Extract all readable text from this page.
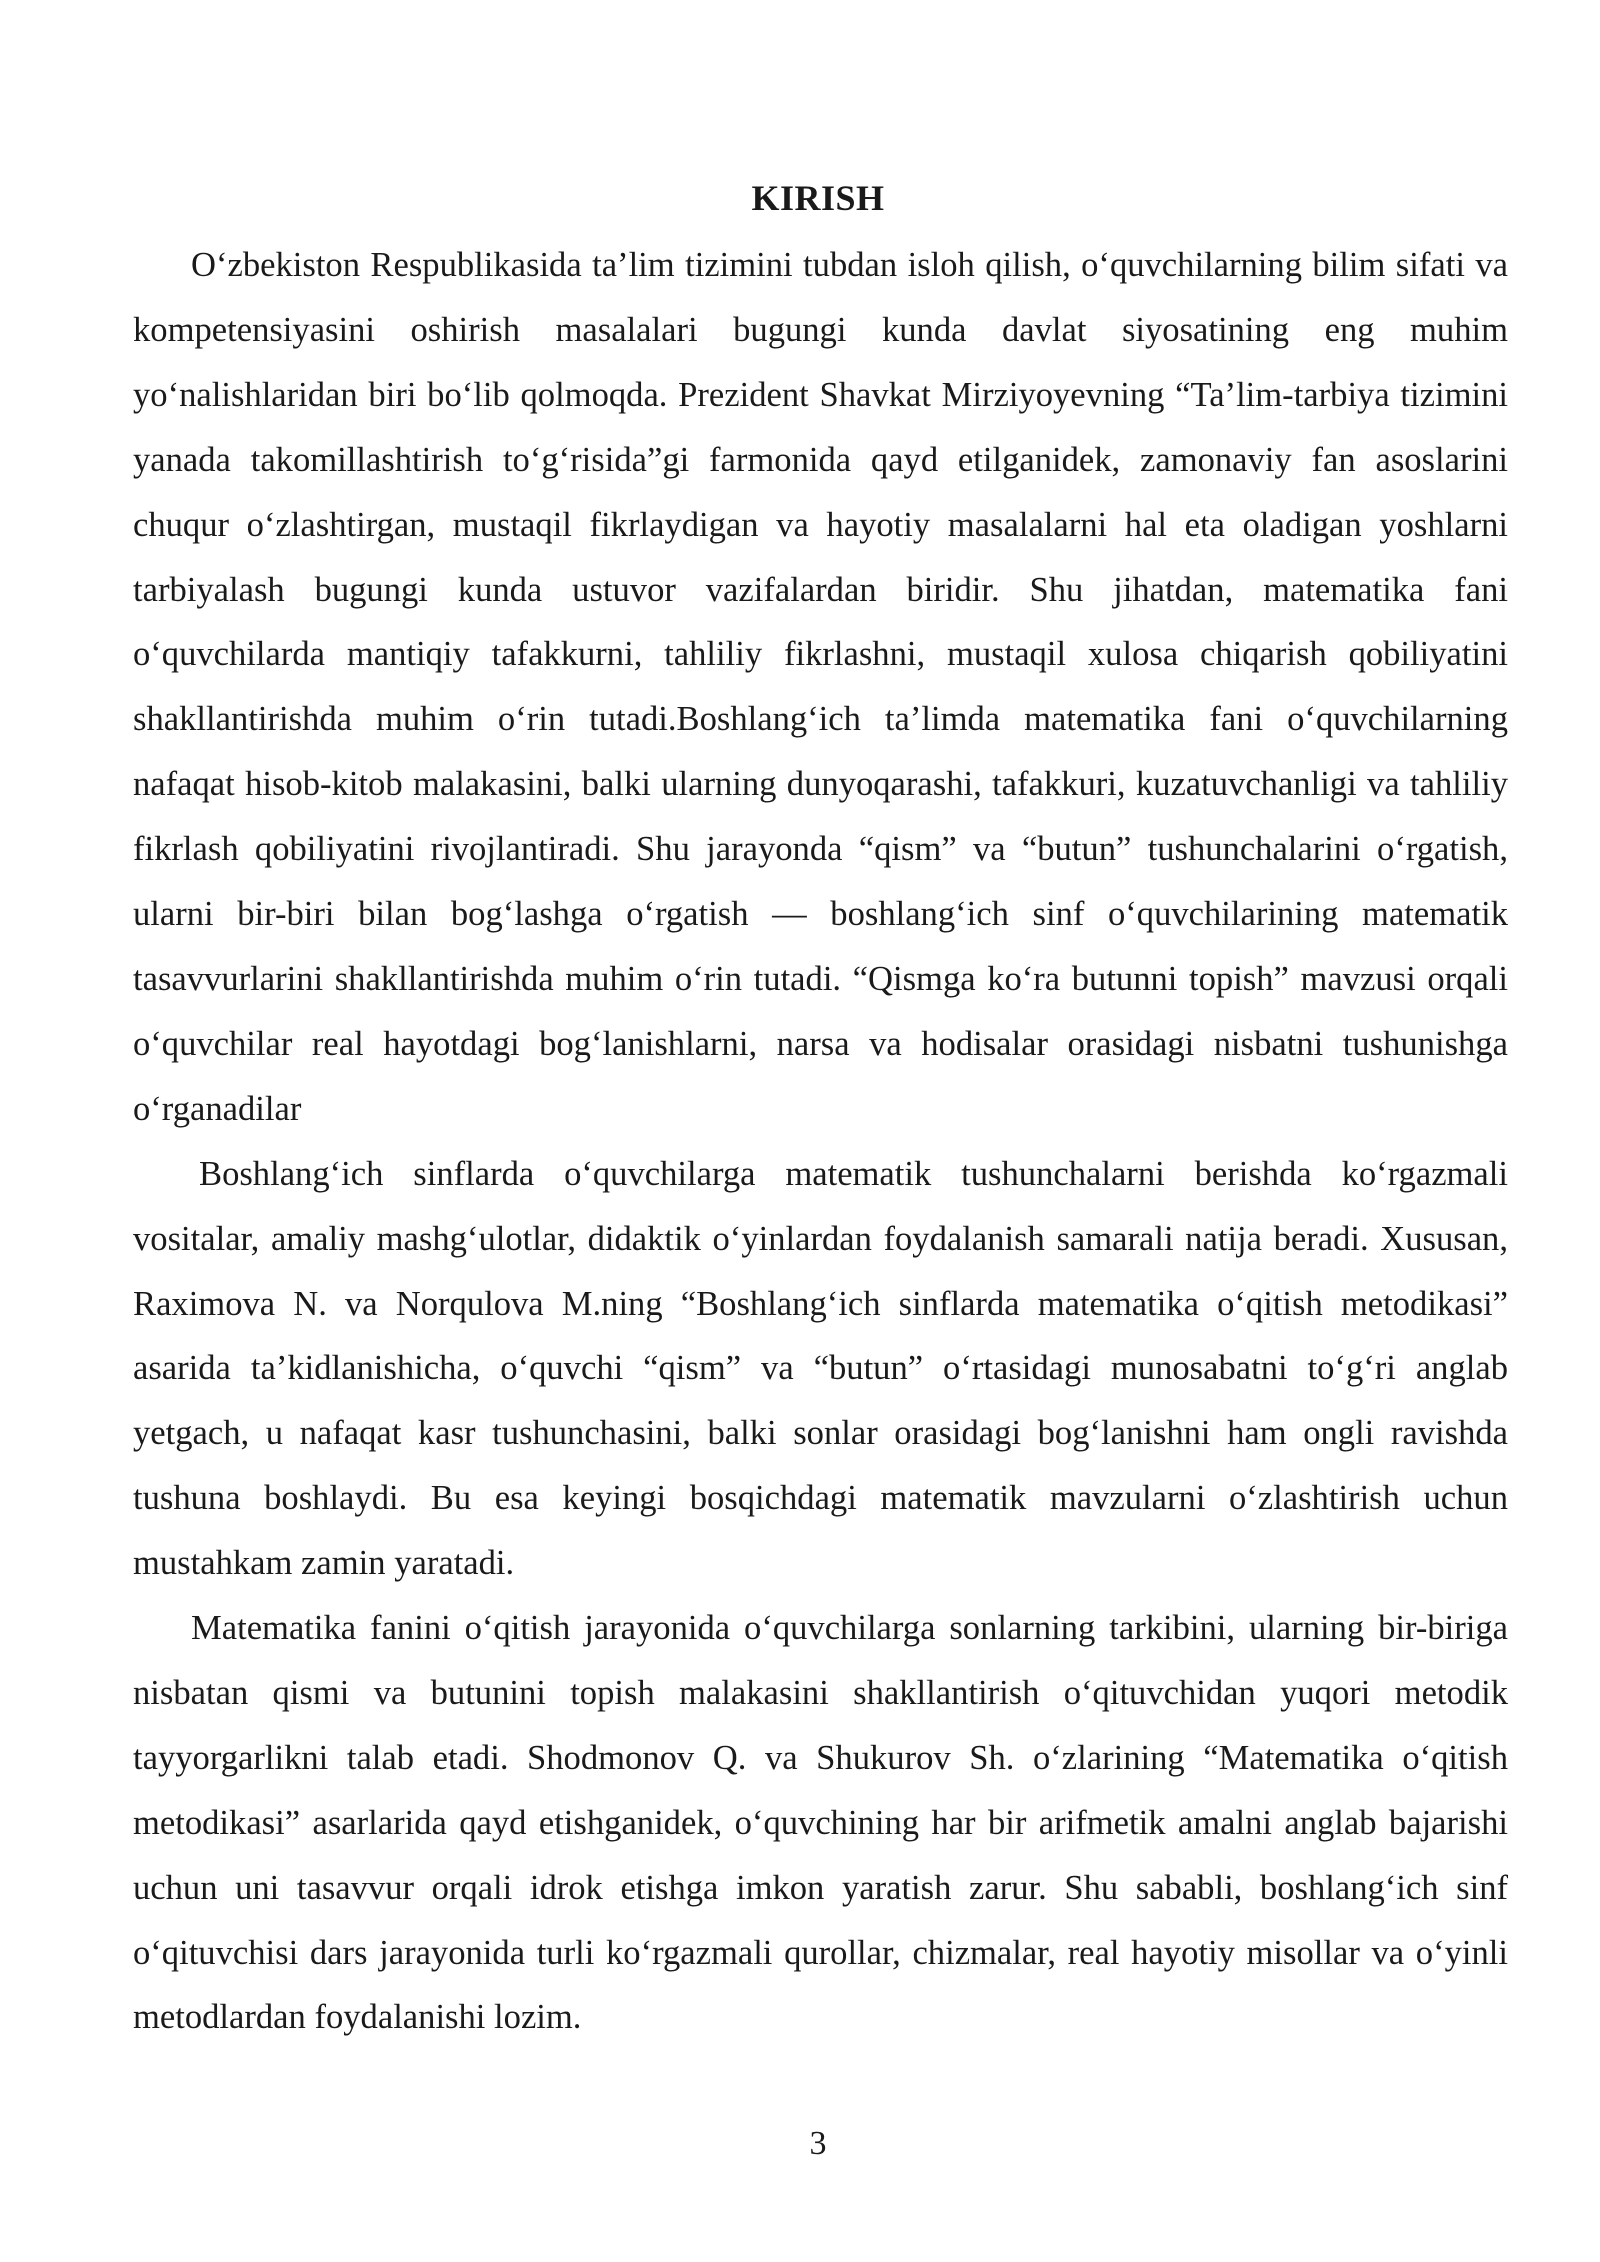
KIRISH

O‘zbekiston Respublikasida ta’lim tizimini tubdan isloh qilish, o‘quvchilarning bilim sifati va kompetensiyasini oshirish masalalari bugungi kunda davlat siyosatining eng muhim yo‘nalishlaridan biri bo‘lib qolmoqda. Prezident Shavkat Mirziyoyevning “Ta’lim-tarbiya tizimini yanada takomillashtirish to‘g‘risida”gi farmonida qayd etilganidek, zamonaviy fan asoslarini chuqur o‘zlashtirgan, mustaqil fikrlaydigan va hayotiy masalalarni hal eta oladigan yoshlarni tarbiyalash bugungi kunda ustuvor vazifalardan biridir. Shu jihatdan, matematika fani o‘quvchilarda mantiqiy tafakkurni, tahliliy fikrlashni, mustaqil xulosa chiqarish qobiliyatini shakllantirishda muhim o‘rin tutadi.Boshlang‘ich ta’limda matematika fani o‘quvchilarning nafaqat hisob-kitob malakasini, balki ularning dunyoqarashi, tafakkuri, kuzatuvchanligi va tahliliy fikrlash qobiliyatini rivojlantiradi. Shu jarayonda “qism” va “butun” tushunchalarini o‘rgatish, ularni bir-biri bilan bog‘lashga o‘rgatish — boshlang‘ich sinf o‘quvchilarining matematik tasavvurlarini shakllantirishda muhim o‘rin tutadi. “Qismga ko‘ra butunni topish” mavzusi orqali o‘quvchilar real hayotdagi bog‘lanishlarni, narsa va hodisalar orasidagi nisbatni tushunishga o‘rganadilar

Boshlang‘ich sinflarda o‘quvchilarga matematik tushunchalarni berishda ko‘rgazmali vositalar, amaliy mashg‘ulotlar, didaktik o‘yinlardan foydalanish samarali natija beradi. Xususan, Raximova N. va Norqulova M.ning “Boshlang‘ich sinflarda matematika o‘qitish metodikasi” asarida ta’kidlanishicha, o‘quvchi “qism” va “butun” o‘rtasidagi munosabatni to‘g‘ri anglab yetgach, u nafaqat kasr tushunchasini, balki sonlar orasidagi bog‘lanishni ham ongli ravishda tushuna boshlaydi. Bu esa keyingi bosqichdagi matematik mavzularni o‘zlashtirish uchun mustahkam zamin yaratadi.

Matematika fanini o‘qitish jarayonida o‘quvchilarga sonlarning tarkibini, ularning bir-biriga nisbatan qismi va butunini topish malakasini shakllantirish o‘qituvchidan yuqori metodik tayyorgarlikni talab etadi. Shodmonov Q. va Shukurov Sh. o‘zlarining “Matematika o‘qitish metodikasi” asarlarida qayd etishganidek, o‘quvchining har bir arifmetik amalni anglab bajarishi uchun uni tasavvur orqali idrok etishga imkon yaratish zarur. Shu sababli, boshlang‘ich sinf o‘qituvchisi dars jarayonida turli ko‘rgazmali qurollar, chizmalar, real hayotiy misollar va o‘yinli metodlardan foydalanishi lozim.

3
